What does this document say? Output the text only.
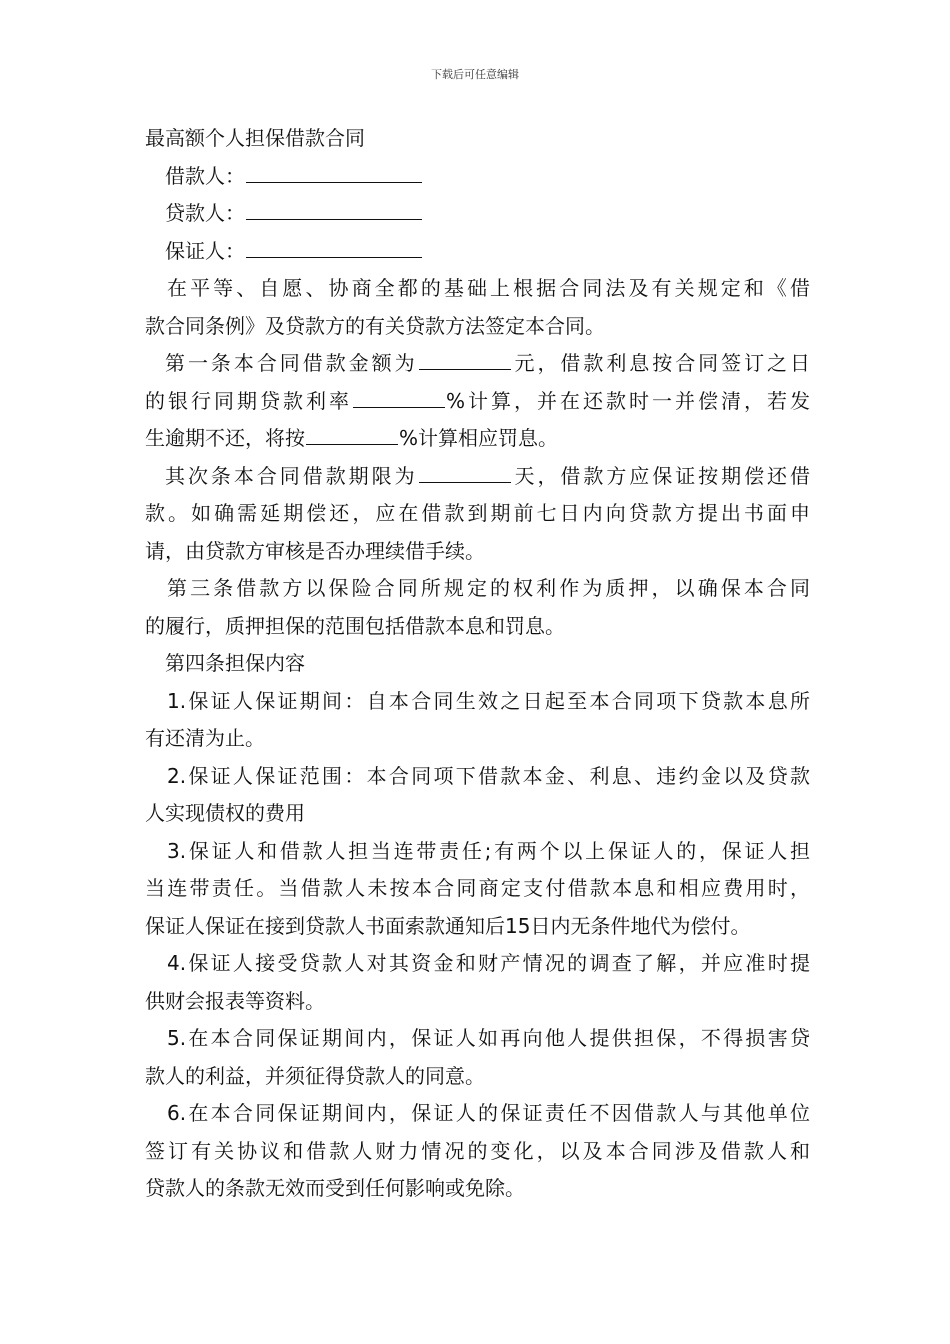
下载后可任意编辑
最高额个人担保借款合同
借款人：
贷款人：
保证人：
在平等、自愿、协商全都的基础上根据合同法及有关规定和《借
款合同条例》及贷款方的有关贷款方法签定本合同。
第一条本合同借款金额为	元，借款利息按合同签订之日
的银行同期贷款利率	%计算，并在还款时一并偿清，若发
生逾期不还，将按	%计算相应罚息。
其次条本合同借款期限为	天，借款方应保证按期偿还借
款。如确需延期偿还，应在借款到期前七日内向贷款方提出书面申
请，由贷款方审核是否办理续借手续。
第三条借款方以保险合同所规定的权利作为质押，以确保本合同
的履行，质押担保的范围包括借款本息和罚息。
第四条担保内容
1.保证人保证期间：自本合同生效之日起至本合同项下贷款本息所
有还清为止。
2.保证人保证范围：本合同项下借款本金、利息、违约金以及贷款
人实现债权的费用
3.保证人和借款人担当连带责任;有两个以上保证人的，保证人担
当连带责任。当借款人未按本合同商定支付借款本息和相应费用时，
保证人保证在接到贷款人书面索款通知后15日内无条件地代为偿付。
4.保证人接受贷款人对其资金和财产情况的调查了解，并应准时提
供财会报表等资料。
5.在本合同保证期间内，保证人如再向他人提供担保，不得损害贷
款人的利益，并须征得贷款人的同意。
6.在本合同保证期间内，保证人的保证责任不因借款人与其他单位
签订有关协议和借款人财力情况的变化，以及本合同涉及借款人和
贷款人的条款无效而受到任何影响或免除。
